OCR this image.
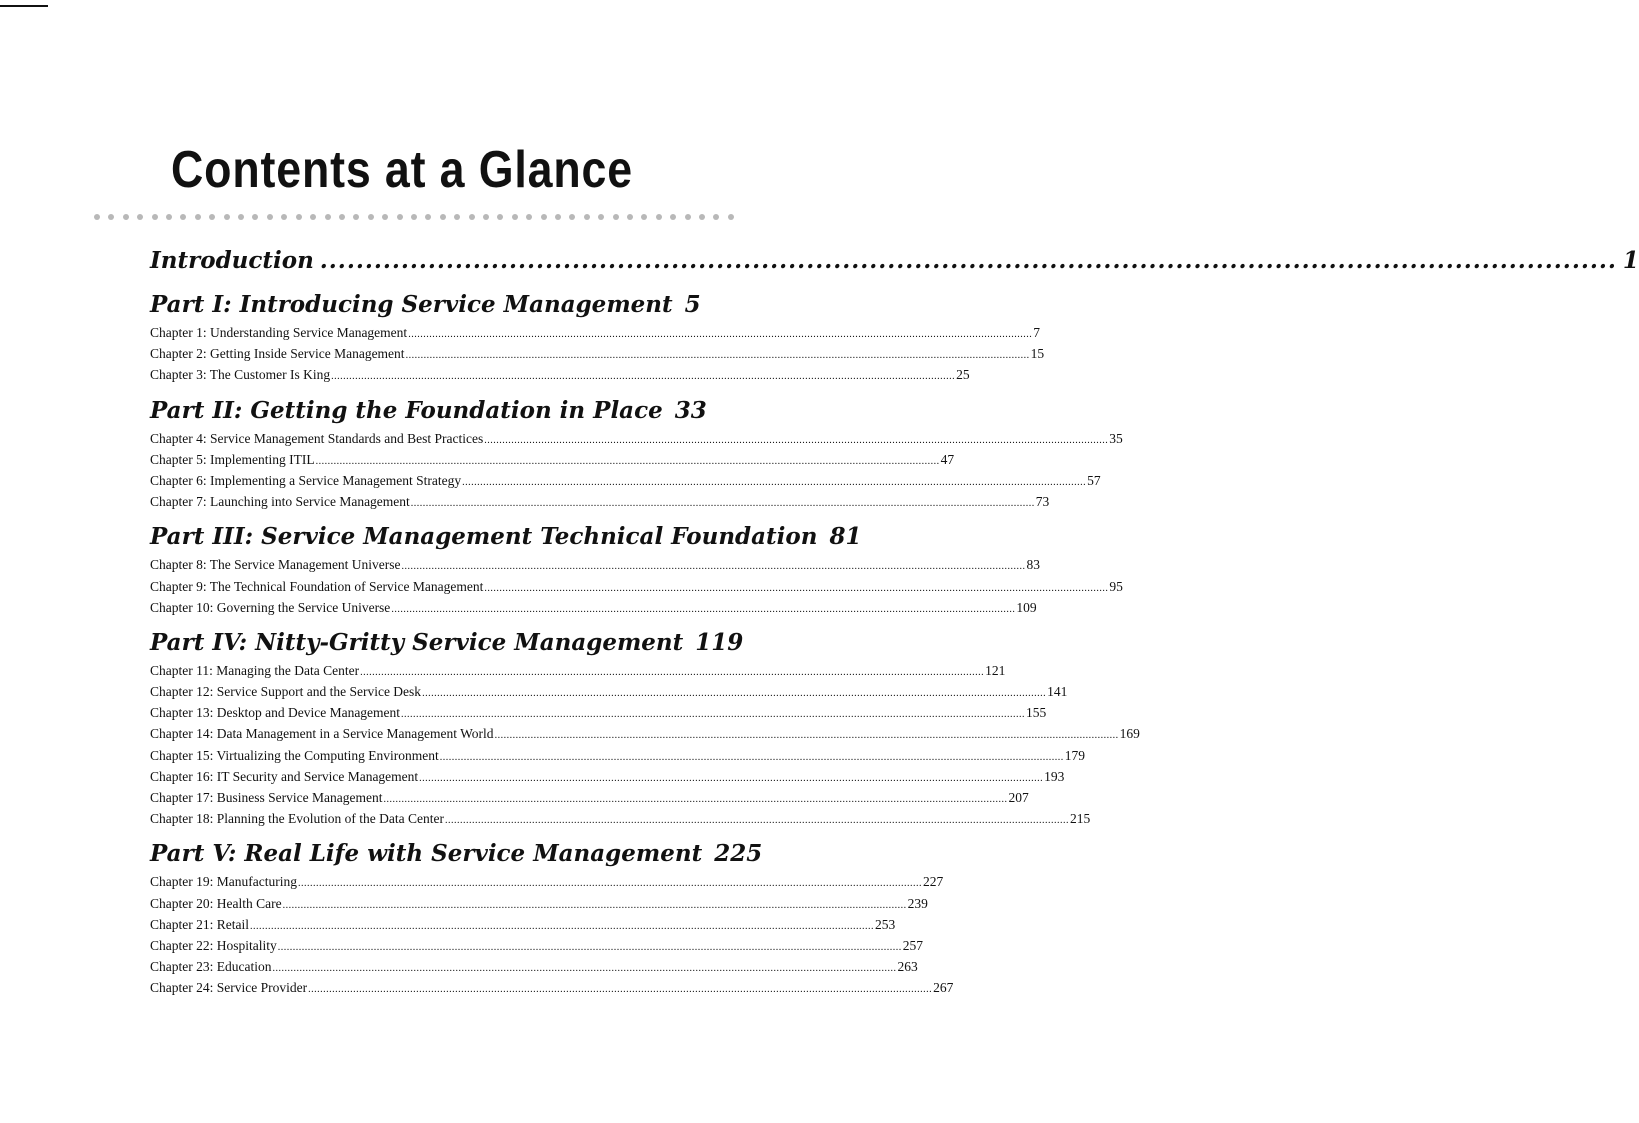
Contents at a Glance
Introduction .....	1
Part I: Introducing Service Management 5
Chapter 1: Understanding Service Management .....	7
Chapter 2: Getting Inside Service Management .....	15
Chapter 3: The Customer Is King .....	25
Part II: Getting the Foundation in Place 33
Chapter 4: Service Management Standards and Best Practices .....	35
Chapter 5: Implementing ITIL .....	47
Chapter 6: Implementing a Service Management Strategy .....	57
Chapter 7: Launching into Service Management .....	73
Part III: Service Management Technical Foundation 81
Chapter 8: The Service Management Universe .....	83
Chapter 9: The Technical Foundation of Service Management .....	95
Chapter 10: Governing the Service Universe .....	109
Part IV: Nitty-Gritty Service Management 119
Chapter 11: Managing the Data Center .....	121
Chapter 12: Service Support and the Service Desk .....	141
Chapter 13: Desktop and Device Management .....	155
Chapter 14: Data Management in a Service Management World .....	169
Chapter 15: Virtualizing the Computing Environment .....	179
Chapter 16: IT Security and Service Management .....	193
Chapter 17: Business Service Management .....	207
Chapter 18: Planning the Evolution of the Data Center .....	215
Part V: Real Life with Service Management 225
Chapter 19: Manufacturing .....	227
Chapter 20: Health Care .....	239
Chapter 21: Retail .....	253
Chapter 22: Hospitality .....	257
Chapter 23: Education .....	263
Chapter 24: Service Provider .....	267
